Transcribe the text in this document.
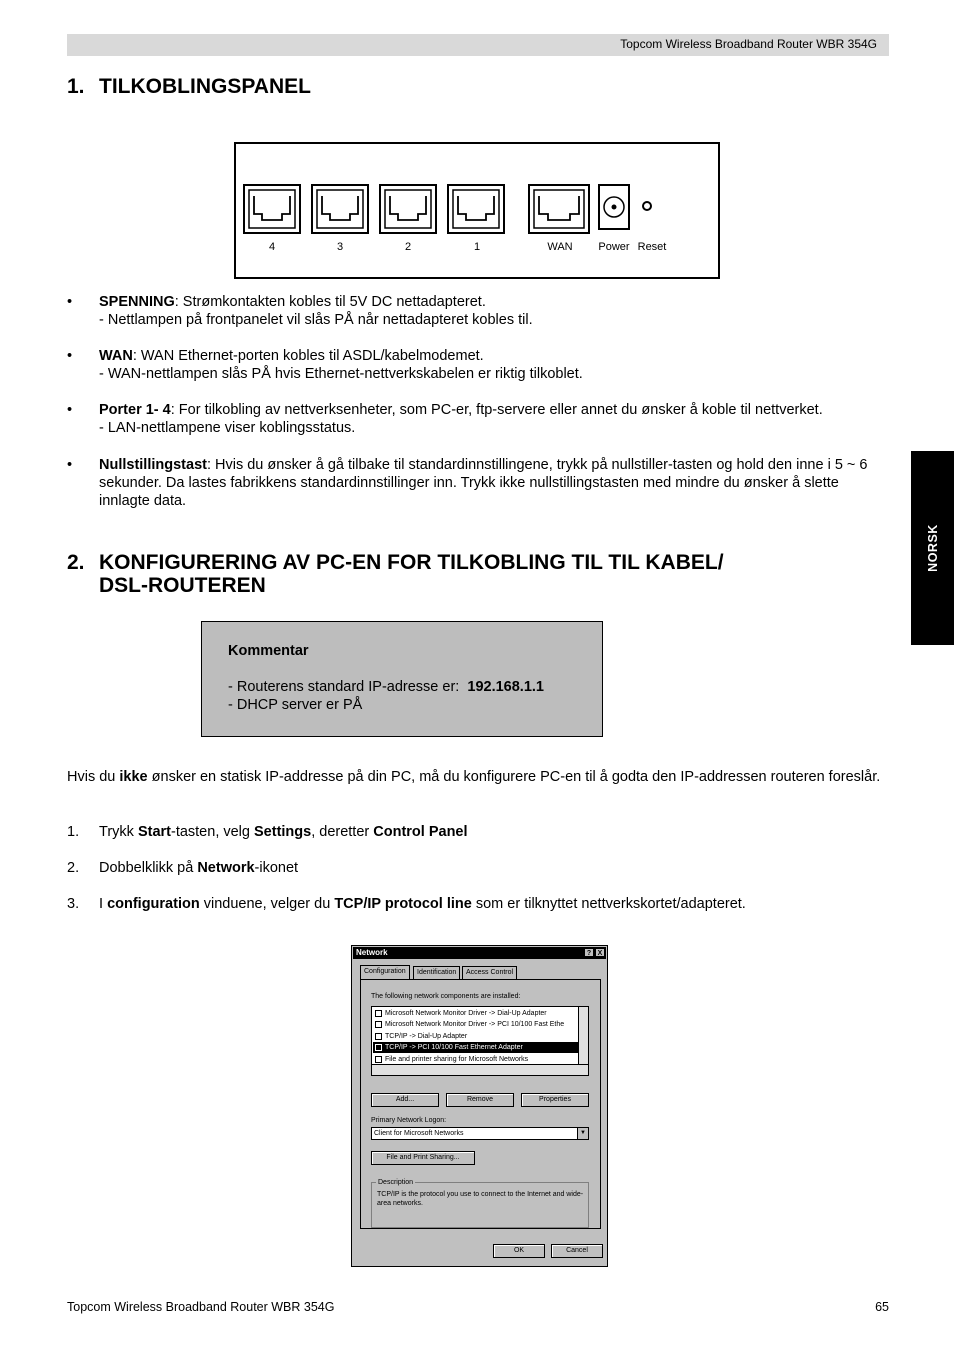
Topcom Wireless Broadband Router WBR 354G
1. TILKOBLINGSPANEL
4	3	2	1	WAN	Power Reset
• SPENNING: Strømkontakten kobles til 5V DC nettadapteret.

- Nettlampen på frontpanelet vil slås PÅ når nettadapteret kobles til.

• WAN: WAN Ethernet-porten kobles til ASDL/kabelmodemet.

- WAN-nettlampen slås PÅ hvis Ethernet-nettverkskabelen er riktig tilkoblet.

• Porter 1- 4: For tilkobling av nettverksenheter, som PC-er, ftp-servere eller annet du ønsker å koble til nettverket.

- LAN-nettlampene viser koblingsstatus.

• Nullstillingstast: Hvis du ønsker å gå tilbake til standardinnstillingene, trykk på nullstiller-tasten og hold den inne i 5 ~ 6 sekunder. Da lastes fabrikkens standardinnstillinger inn. Trykk ikke nullstillingstasten med mindre du ønsker å slette innlagte data.

2. KONFIGURERING AV PC-EN FOR TILKOBLING TIL TIL KABEL/
DSL-ROUTEREN

Kommentar

- Routerens standard IP-adresse er: 192.168.1.1

- DHCP server er PÅ

Hvis du ikke ønsker en statisk IP-addresse på din PC, må du konfigurere PC-en til å godta den IP-addressen routeren foreslår.
1. Trykk Start-tasten, velg Settings, deretter Control Panel
2. Dobbelklikk på Network-ikonet
3. I configuration vinduene, velger du TCP/IP protocol line som er tilknyttet nettverkskortet/adapteret.
Network	? X
Configuration	Identification	Access Control
The following network components are installed:
Microsoft Network Monitor Driver -> Dial-Up Adapter
Microsoft Network Monitor Driver -> PCI 10/100 Fast Ethe
TCP/IP -> Dial-Up Adapter
TCP/IP -> PCI 10/100 Fast Ethernet Adapter
File and printer sharing for Microsoft Networks
Add...	Remove	Properties
Primary Network Logon:
Client for Microsoft Networks	▼
File and Print Sharing...
Description
TCP/IP is the protocol you use to connect to the Internet and wide-area networks.
OK	Cancel
NORSK
Topcom Wireless Broadband Router WBR 354G	65
